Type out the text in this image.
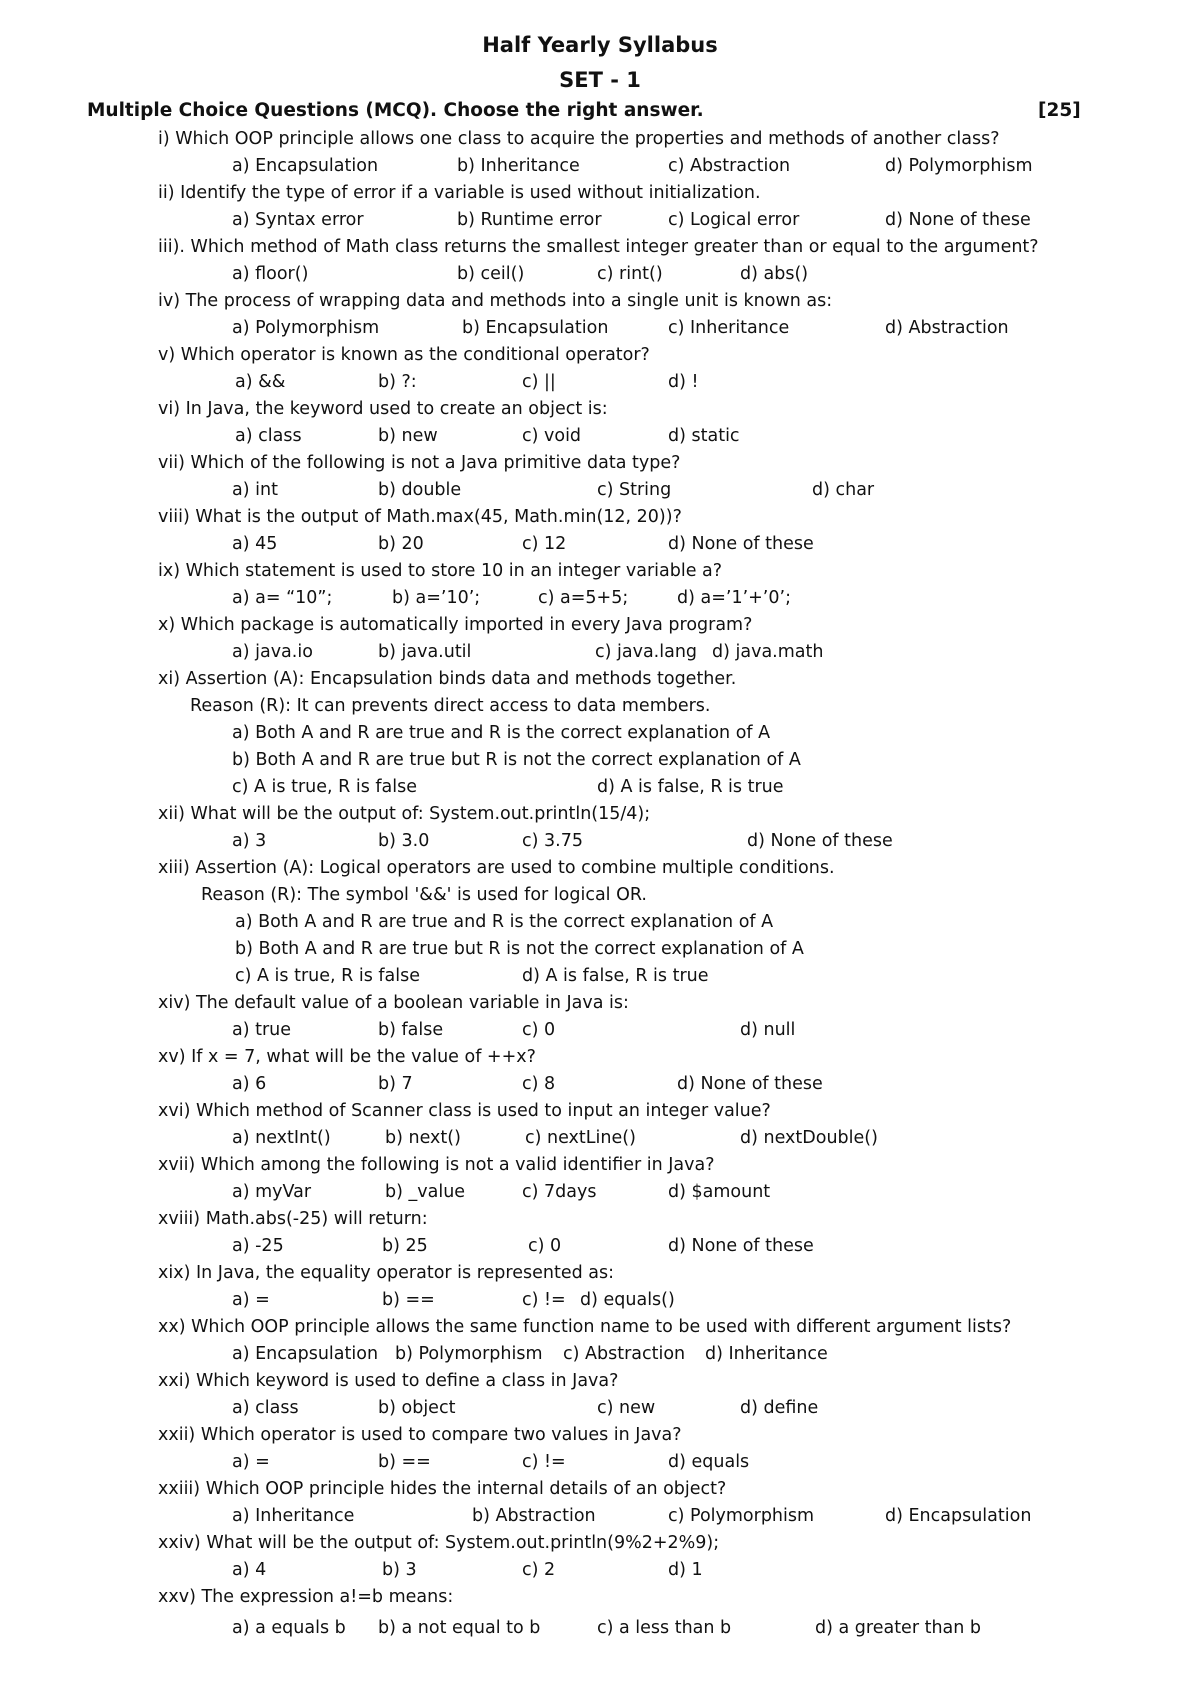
Half Yearly Syllabus
SET - 1
Multiple Choice Questions (MCQ). Choose the right answer.	[25]
i) Which OOP principle allows one class to acquire the properties and methods of another class?
a) Encapsulation	b) Inheritance	c) Abstraction	d) Polymorphism
ii) Identify the type of error if a variable is used without initialization.
a) Syntax error	b) Runtime error	c) Logical error	d) None of these
iii). Which method of Math class returns the smallest integer greater than or equal to the argument?
a) floor()	b) ceil()	c) rint()	d) abs()
iv) The process of wrapping data and methods into a single unit is known as:
a) Polymorphism	b) Encapsulation	c) Inheritance	d) Abstraction
v) Which operator is known as the conditional operator?
a) &&	b) ?:	c) ||	d) !
vi) In Java, the keyword used to create an object is:
a) class	b) new	c) void	d) static
vii) Which of the following is not a Java primitive data type?
a) int	b) double	c) String	d) char
viii) What is the output of Math.max(45, Math.min(12, 20))?
a) 45	b) 20	c) 12	d) None of these
ix) Which statement is used to store 10 in an integer variable a?
a) a= “10”;	b) a=’10’;	c) a=5+5;	d) a=’1’+’0’;
x) Which package is automatically imported in every Java program?
a) java.io	b) java.util	c) java.lang d) java.math
xi) Assertion (A): Encapsulation binds data and methods together.
Reason (R): It can prevents direct access to data members.
a) Both A and R are true and R is the correct explanation of A
b) Both A and R are true but R is not the correct explanation of A
c) A is true, R is false	d) A is false, R is true
xii) What will be the output of: System.out.println(15/4);
a) 3	b) 3.0	c) 3.75	d) None of these
xiii) Assertion (A): Logical operators are used to combine multiple conditions.
Reason (R): The symbol '&&' is used for logical OR.
a) Both A and R are true and R is the correct explanation of A
b) Both A and R are true but R is not the correct explanation of A
c) A is true, R is false	d) A is false, R is true
xiv) The default value of a boolean variable in Java is:
a) true	b) false	c) 0	d) null
xv) If x = 7, what will be the value of ++x?
a) 6	b) 7	c) 8	d) None of these
xvi) Which method of Scanner class is used to input an integer value?
a) nextInt()	b) next()	c) nextLine()	d) nextDouble()
xvii) Which among the following is not a valid identifier in Java?
a) myVar	b) _value	c) 7days	d) $amount
xviii) Math.abs(-25) will return:
a) -25	b) 25	c) 0	d) None of these
xix) In Java, the equality operator is represented as:
a) =	b) ==	c) != d) equals()
xx) Which OOP principle allows the same function name to be used with different argument lists?
a) Encapsulation b) Polymorphism c) Abstraction d) Inheritance
xxi) Which keyword is used to define a class in Java?
a) class	b) object	c) new	d) define
xxii) Which operator is used to compare two values in Java?
a) =	b) ==	c) !=	d) equals
xxiii) Which OOP principle hides the internal details of an object?
a) Inheritance	b) Abstraction	c) Polymorphism	d) Encapsulation
xxiv) What will be the output of: System.out.println(9%2+2%9);
a) 4	b) 3	c) 2	d) 1
xxv) The expression a!=b means:
a) a equals b b) a not equal to b	c) a less than b	d) a greater than b
